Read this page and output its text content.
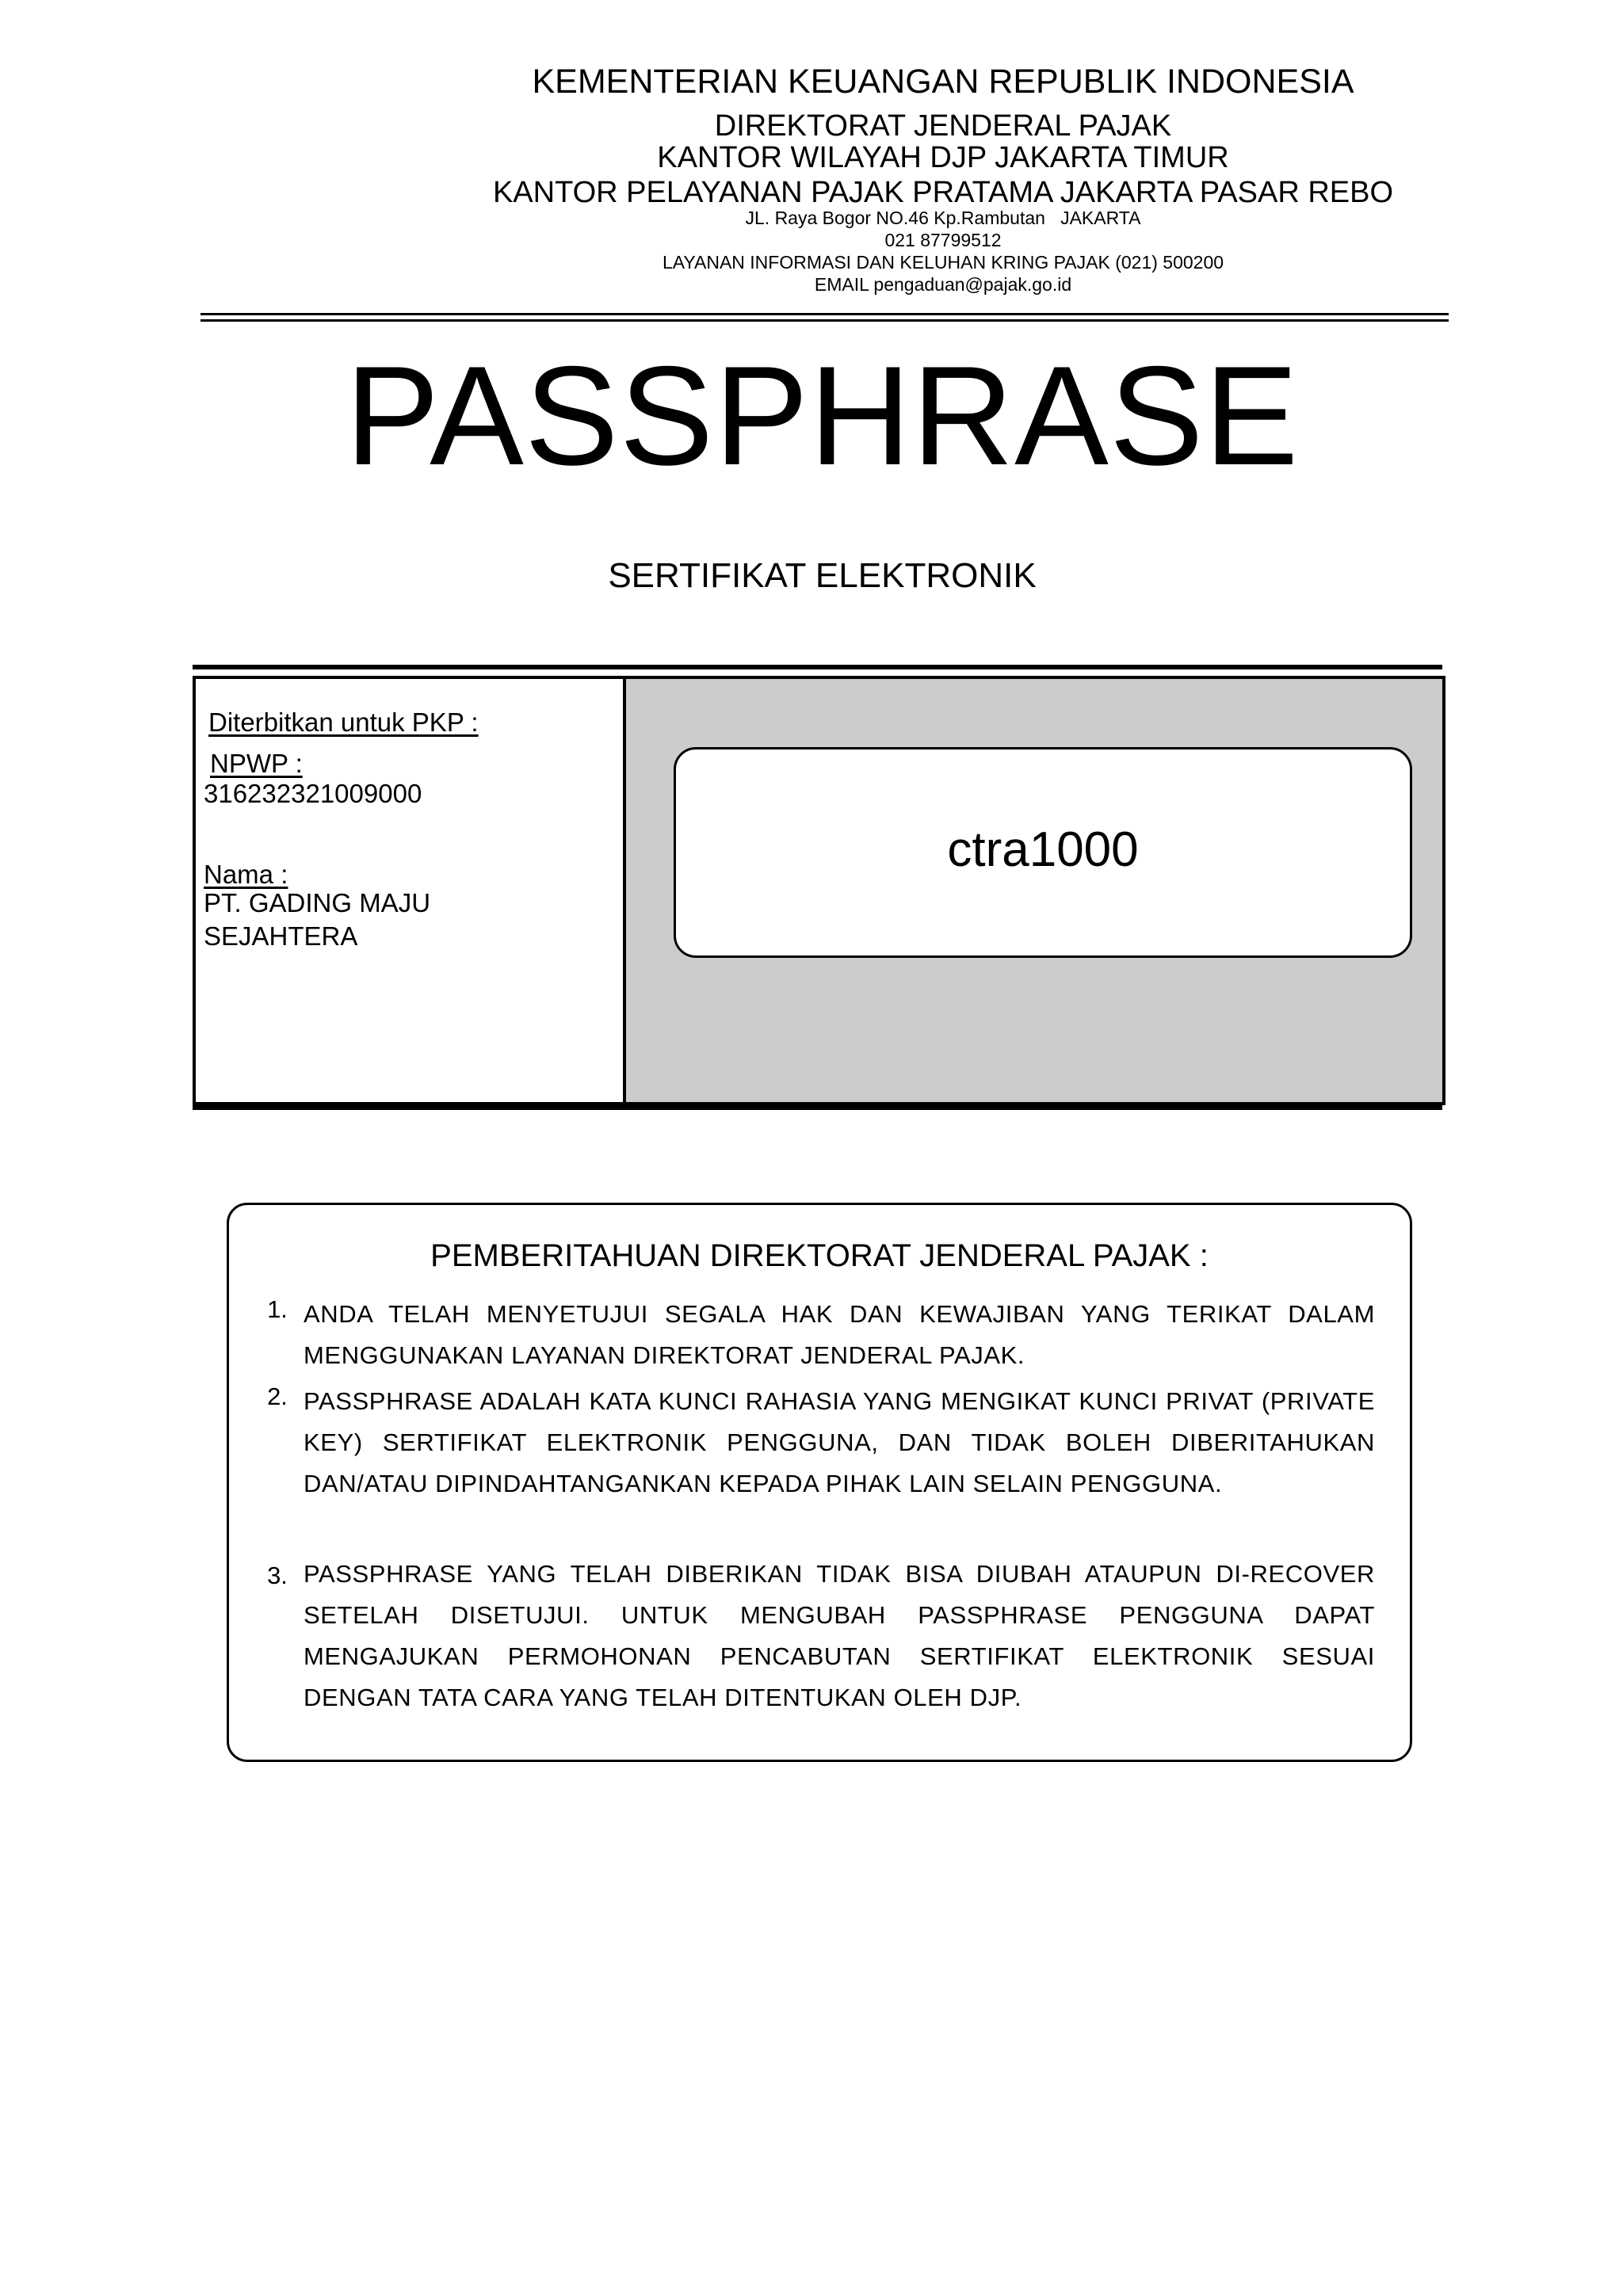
KEMENTERIAN KEUANGAN REPUBLIK INDONESIA
DIREKTORAT JENDERAL PAJAK
KANTOR WILAYAH DJP JAKARTA TIMUR
KANTOR PELAYANAN PAJAK PRATAMA JAKARTA PASAR REBO
JL. Raya Bogor NO.46 Kp.Rambutan   JAKARTA
021 87799512
LAYANAN INFORMASI DAN KELUHAN KRING PAJAK (021) 500200
EMAIL pengaduan@pajak.go.id
PASSPHRASE
SERTIFIKAT ELEKTRONIK
Diterbitkan untuk PKP :
NPWP :
316232321009000
Nama :
PT. GADING MAJU
SEJAHTERA
ctra1000
PEMBERITAHUAN DIREKTORAT JENDERAL PAJAK :
1. ANDA TELAH MENYETUJUI SEGALA HAK DAN KEWAJIBAN YANG TERIKAT DALAM MENGGUNAKAN LAYANAN DIREKTORAT JENDERAL PAJAK.
2. PASSPHRASE ADALAH KATA KUNCI RAHASIA YANG MENGIKAT KUNCI PRIVAT (PRIVATE KEY) SERTIFIKAT ELEKTRONIK PENGGUNA, DAN TIDAK BOLEH DIBERITAHUKAN DAN/ATAU DIPINDAHTANGANKAN KEPADA PIHAK LAIN SELAIN PENGGUNA.
3. PASSPHRASE YANG TELAH DIBERIKAN TIDAK BISA DIUBAH ATAUPUN DI-RECOVER SETELAH DISETUJUI. UNTUK MENGUBAH PASSPHRASE PENGGUNA DAPAT MENGAJUKAN PERMOHONAN PENCABUTAN SERTIFIKAT ELEKTRONIK SESUAI DENGAN TATA CARA YANG TELAH DITENTUKAN OLEH DJP.
